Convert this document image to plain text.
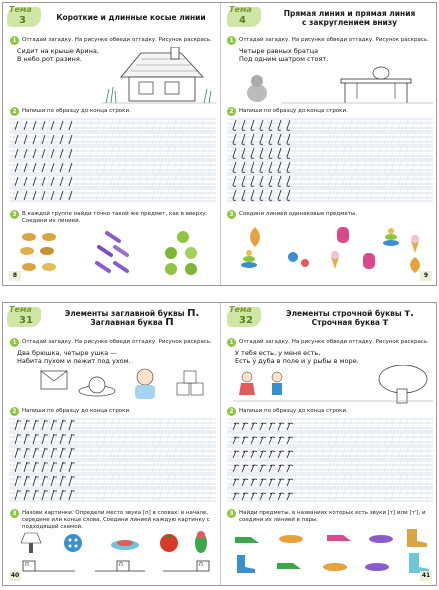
Тема
3	Короткие и длинные косые линии
1 Отгадай загадку. На рисунке обведи отгадку. Рисунок раскрась.
Сидит на крыше Арина,
В небо рот разиня.
2 Напиши по образцу до конца строки.
3 В каждой группе найди точно такой же предмет, как в вверху. Соедини их линией.
8
Тема
4
Прямая линия и прямая линия
с закруглением внизу
1 Отгадай загадку. На рисунке обведи отгадку. Рисунок раскрась.
Четыре равных братца
Под одним шатром стоят.
2 Напиши по образцу до конца строки.
3 Соедини линией одинаковые предметы.
9
Тема
31
Элементы заглавной буквы П.
Заглавная буква П
1 Отгадай загадку. На рисунке обведи отгадку. Рисунок раскрась.
Два брюшка, четыре ушка —
Набита пухом и лежит под ухом.
2 Напиши по образцу до конца строки.
3 Назови картинки. Определи место звука [п] в словах: в начале, середине или конце слова. Соедини линией каждую картинку с подходящей схемой.
п	п	п
40
Тема
32
Элементы строчной буквы т.
Строчная буква т
1 Отгадай загадку. На рисунке обведи отгадку. Рисунок раскрась.
У тебя есть, у меня есть,
Есть у дуба в поле и у рыбы в море.
2 Напиши по образцу до конца строки.
3 Найди предметы, в названиях которых есть звуки [т] или [т'], и соедини их линией в пары.
41
